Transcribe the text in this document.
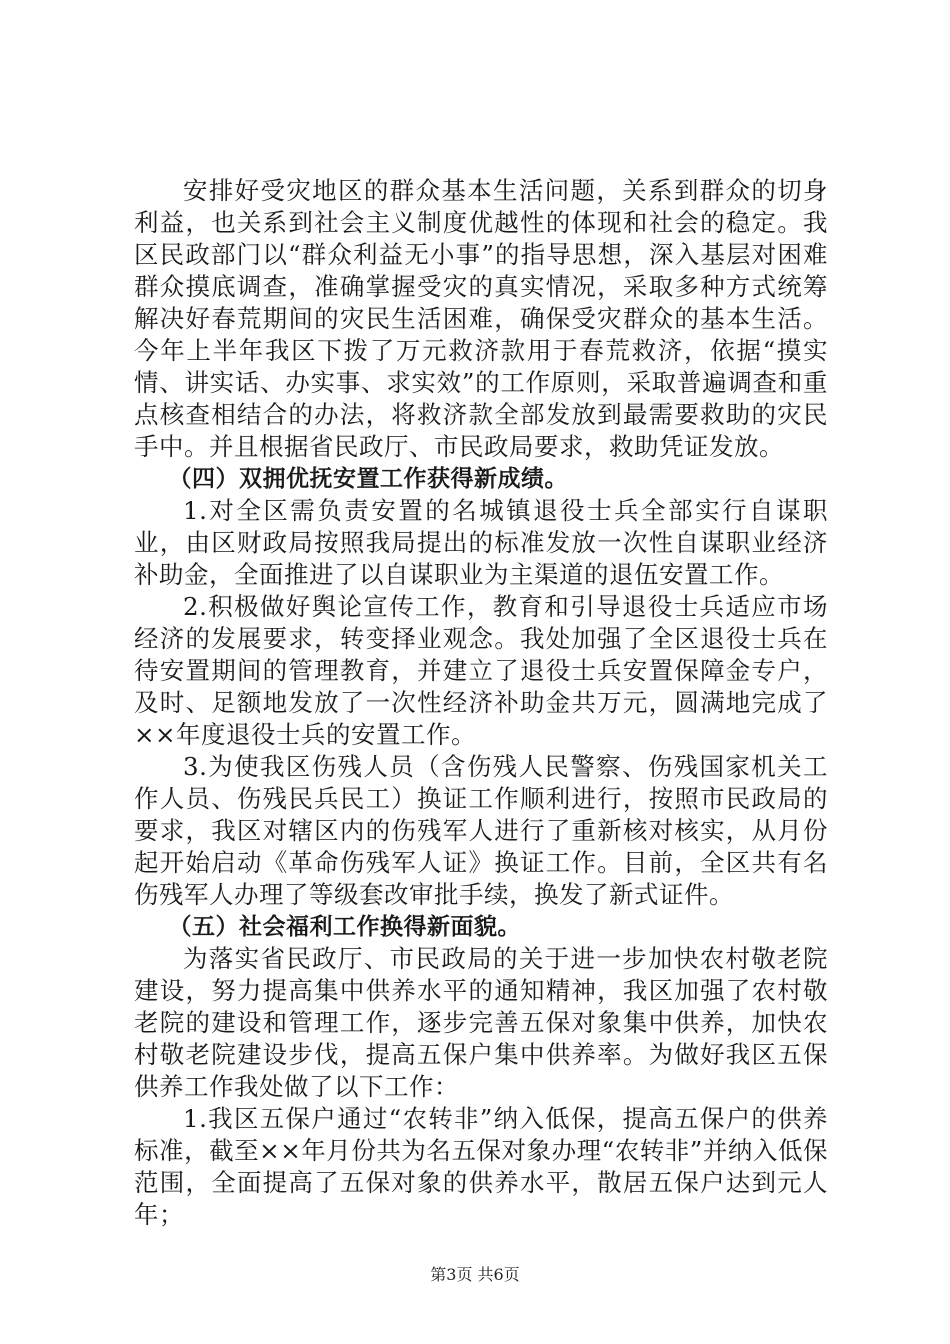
安排好受灾地区的群众基本生活问题，关系到群众的切身利益，也关系到社会主义制度优越性的体现和社会的稳定。我区民政部门以“群众利益无小事”的指导思想，深入基层对困难群众摸底调查，准确掌握受灾的真实情况，采取多种方式统筹解决好春荒期间的灾民生活困难，确保受灾群众的基本生活。今年上半年我区下拨了万元救济款用于春荒救济，依据“摸实情、讲实话、办实事、求实效”的工作原则，采取普遍调查和重点核查相结合的办法，将救济款全部发放到最需要救助的灾民手中。并且根据省民政厅、市民政局要求，救助凭证发放。

（四）双拥优抚安置工作获得新成绩。

1.对全区需负责安置的名城镇退役士兵全部实行自谋职业，由区财政局按照我局提出的标准发放一次性自谋职业经济补助金，全面推进了以自谋职业为主渠道的退伍安置工作。

2.积极做好舆论宣传工作，教育和引导退役士兵适应市场经济的发展要求，转变择业观念。我处加强了全区退役士兵在待安置期间的管理教育，并建立了退役士兵安置保障金专户，及时、足额地发放了一次性经济补助金共万元，圆满地完成了××年度退役士兵的安置工作。

3.为使我区伤残人员（含伤残人民警察、伤残国家机关工作人员、伤残民兵民工）换证工作顺利进行，按照市民政局的要求，我区对辖区内的伤残军人进行了重新核对核实，从月份起开始启动《革命伤残军人证》换证工作。目前，全区共有名伤残军人办理了等级套改审批手续，换发了新式证件。

（五）社会福利工作换得新面貌。

为落实省民政厅、市民政局的关于进一步加快农村敬老院建设，努力提高集中供养水平的通知精神，我区加强了农村敬老院的建设和管理工作，逐步完善五保对象集中供养，加快农村敬老院建设步伐，提高五保户集中供养率。为做好我区五保供养工作我处做了以下工作：

1.我区五保户通过“农转非”纳入低保，提高五保户的供养标准，截至××年月份共为名五保对象办理“农转非”并纳入低保范围，全面提高了五保对象的供养水平，散居五保户达到元人年；

第3页 共6页
